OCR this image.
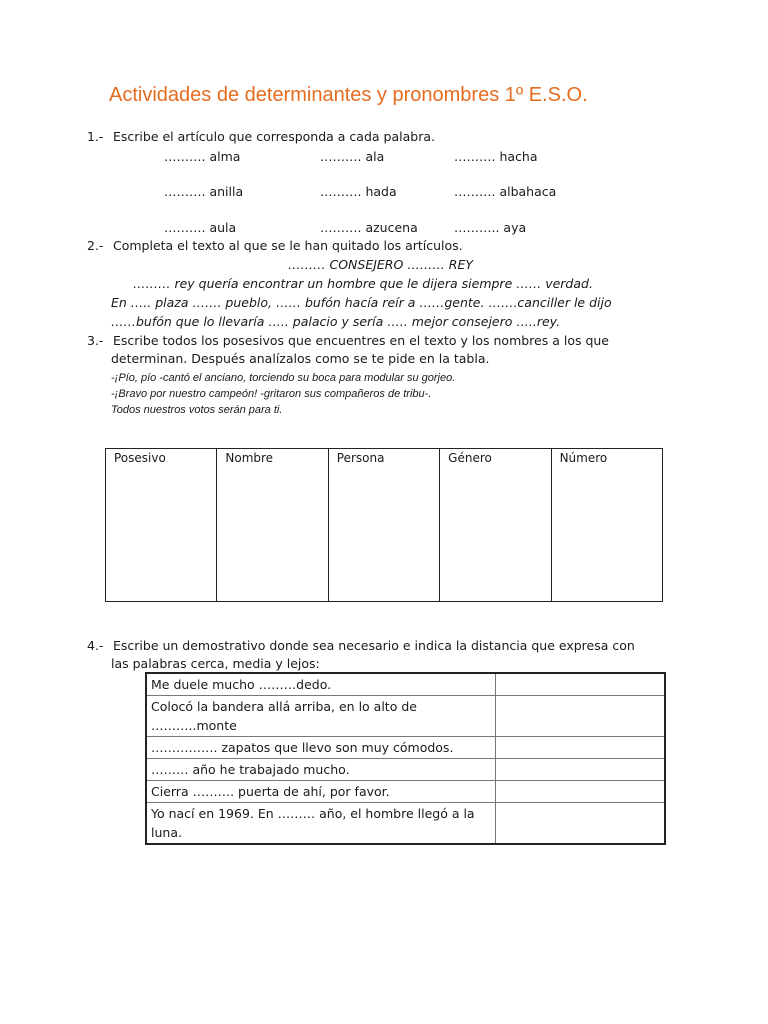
Actividades de determinantes y pronombres 1º E.S.O.
1.- Escribe el artículo que corresponda a cada palabra.
………. alma	………. ala	………. hacha
………. anilla	………. hada	………. albahaca
………. aula	………. azucena	……….. aya
2.- Completa el texto al que se le han quitado los artículos.
……… CONSEJERO ……… REY
……… rey quería encontrar un hombre que le dijera siempre …… verdad.
En ….. plaza ……. pueblo, …… bufón hacía reír a ……gente. …….canciller le dijo
……bufón que lo llevaría ….. palacio y sería ….. mejor consejero …..rey.
3.- Escribe todos los posesivos que encuentres en el texto y los nombres a los que
determinan. Después analízalos como se te pide en la tabla.
-¡Pío, pío -cantó el anciano, torciendo su boca para modular su gorjeo.
-¡Bravo por nuestro campeón! -gritaron sus compañeros de tribu-.
Todos nuestros votos serán para ti.
Posesivo	Nombre	Persona	Género	Número
4.- Escribe un demostrativo donde sea necesario e indica la distancia que expresa con
las palabras cerca, media y lejos:
Me duele mucho ………dedo.	
Colocó la bandera allá arriba, en lo alto de ………..monte	
……………. zapatos que llevo son muy cómodos.	
……… año he trabajado mucho.	
Cierra ………. puerta de ahí, por favor.	
Yo nací en 1969. En ……… año, el hombre llegó a la luna.	
